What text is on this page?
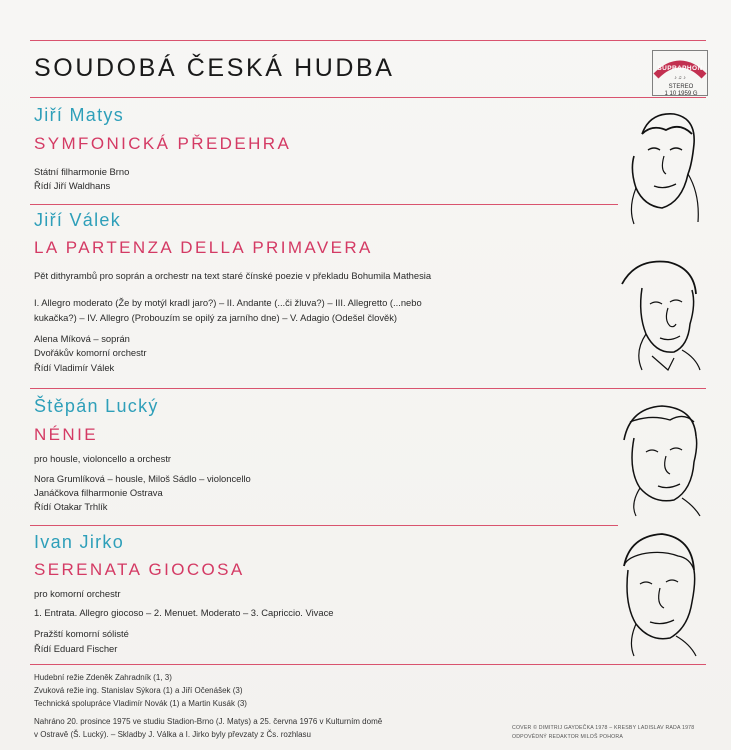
SOUDOBÁ ČESKÁ HUDBA	SUPRAPHON
♪ ♫ ♪
STEREO
1 10 1959 G
Jiří Matys
SYMFONICKÁ PŘEDEHRA
Státní filharmonie Brno
Řídí Jiří Waldhans
Jiří Válek
LA PARTENZA DELLA PRIMAVERA
Pět dithyrambů pro soprán a orchestr na text staré čínské poezie v překladu Bohumila Mathesia
I. Allegro moderato (Že by motýl kradl jaro?) – II. Andante (...či žluva?) – III. Allegretto (...nebo
kukačka?) – IV. Allegro (Probouzím se opilý za jarního dne) – V. Adagio (Odešel člověk)
Alena Míková – soprán
Dvořákův komorní orchestr
Řídí Vladimír Válek
Štěpán Lucký
NÉNIE
pro housle, violoncello a orchestr
Nora Grumlíková – housle, Miloš Sádlo – violoncello
Janáčkova filharmonie Ostrava
Řídí Otakar Trhlík
Ivan Jirko
SERENATA GIOCOSA
pro komorní orchestr
1. Entrata. Allegro giocoso – 2. Menuet. Moderato – 3. Capriccio. Vivace
Pražští komorní sólisté
Řídí Eduard Fischer
Hudební režie Zdeněk Zahradník (1, 3)
Zvuková režie ing. Stanislav Sýkora (1) a Jiří Očenášek (3)
Technická spolupráce Vladimír Novák (1) a Martin Kusák (3)
Nahráno 20. prosince 1975 ve studiu Stadion-Brno (J. Matys) a 25. června 1976 v Kulturním domě
v Ostravě (Š. Lucký). – Skladby J. Válka a I. Jirko byly převzaty z Čs. rozhlasu
COVER © DIMITRIJ GAYDEČKA 1978 – KRESBY LADISLAV RADA 1978
ODPOVĚDNÝ REDAKTOR MILOŠ POHORA
